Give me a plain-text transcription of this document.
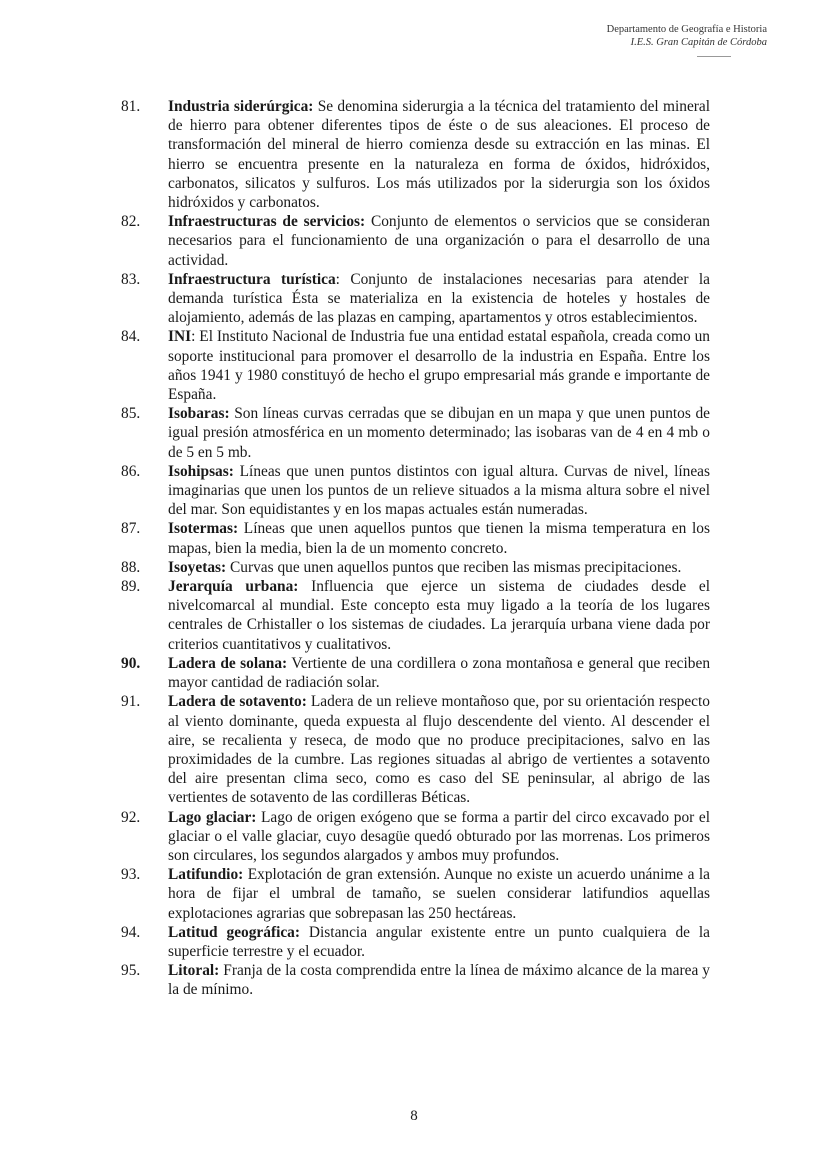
Departamento de Geografía e Historia
I.E.S. Gran Capitán de Córdoba
81.	Industria siderúrgica: Se denomina siderurgia a la técnica del tratamiento del mineral de hierro para obtener diferentes tipos de éste o de sus aleaciones. El proceso de transformación del mineral de hierro comienza desde su extracción en las minas. El hierro se encuentra presente en la naturaleza en forma de óxidos, hidróxidos, carbonatos, silicatos y sulfuros. Los más utilizados por la siderurgia son los óxidos hidróxidos y carbonatos.
82.	Infraestructuras de servicios: Conjunto de elementos o servicios que se consideran necesarios para el funcionamiento de una organización o para el desarrollo de una actividad.
83.	Infraestructura turística: Conjunto de instalaciones necesarias para atender la demanda turística Ésta se materializa en la existencia de hoteles y hostales de alojamiento, además de las plazas en camping, apartamentos y otros establecimientos.
84.	INI: El Instituto Nacional de Industria fue una entidad estatal española, creada como un soporte institucional para promover el desarrollo de la industria en España. Entre los años 1941 y 1980 constituyó de hecho el grupo empresarial más grande e importante de España.
85.	Isobaras: Son líneas curvas cerradas que se dibujan en un mapa y que unen puntos de igual presión atmosférica en un momento determinado; las isobaras van de 4 en 4 mb o de 5 en 5 mb.
86.	Isohipsas: Líneas que unen puntos distintos con igual altura. Curvas de nivel, líneas imaginarias que unen los puntos de un relieve situados a la misma altura sobre el nivel del mar. Son equidistantes y en los mapas actuales están numeradas.
87.	Isotermas: Líneas que unen aquellos puntos que tienen la misma temperatura en los mapas, bien la media, bien la de un momento concreto.
88.	Isoyetas: Curvas que unen aquellos puntos que reciben las mismas precipitaciones.
89.	Jerarquía urbana: Influencia que ejerce un sistema de ciudades desde el nivelcomarcal al mundial. Este concepto esta muy ligado a la teoría de los lugares centrales de Crhistaller o los sistemas de ciudades. La jerarquía urbana viene dada por criterios cuantitativos y cualitativos.
90.	Ladera de solana: Vertiente de una cordillera o zona montañosa e general que reciben mayor cantidad de radiación solar.
91.	Ladera de sotavento: Ladera de un relieve montañoso que, por su orientación respecto al viento dominante, queda expuesta al flujo descendente del viento. Al descender el aire, se recalienta y reseca, de modo que no produce precipitaciones, salvo en las proximidades de la cumbre. Las regiones situadas al abrigo de vertientes a sotavento del aire presentan clima seco, como es caso del SE peninsular, al abrigo de las vertientes de sotavento de las cordilleras Béticas.
92.	Lago glaciar: Lago de origen exógeno que se forma a partir del circo excavado por el glaciar o el valle glaciar, cuyo desagüe quedó obturado por las morrenas. Los primeros son circulares, los segundos alargados y ambos muy profundos.
93.	Latifundio: Explotación de gran extensión. Aunque no existe un acuerdo unánime a la hora de fijar el umbral de tamaño, se suelen considerar latifundios aquellas explotaciones agrarias que sobrepasan las 250 hectáreas.
94.	Latitud geográfica: Distancia angular existente entre un punto cualquiera de la superficie terrestre y el ecuador.
95.	Litoral: Franja de la costa comprendida entre la línea de máximo alcance de la marea y la de mínimo.
8
